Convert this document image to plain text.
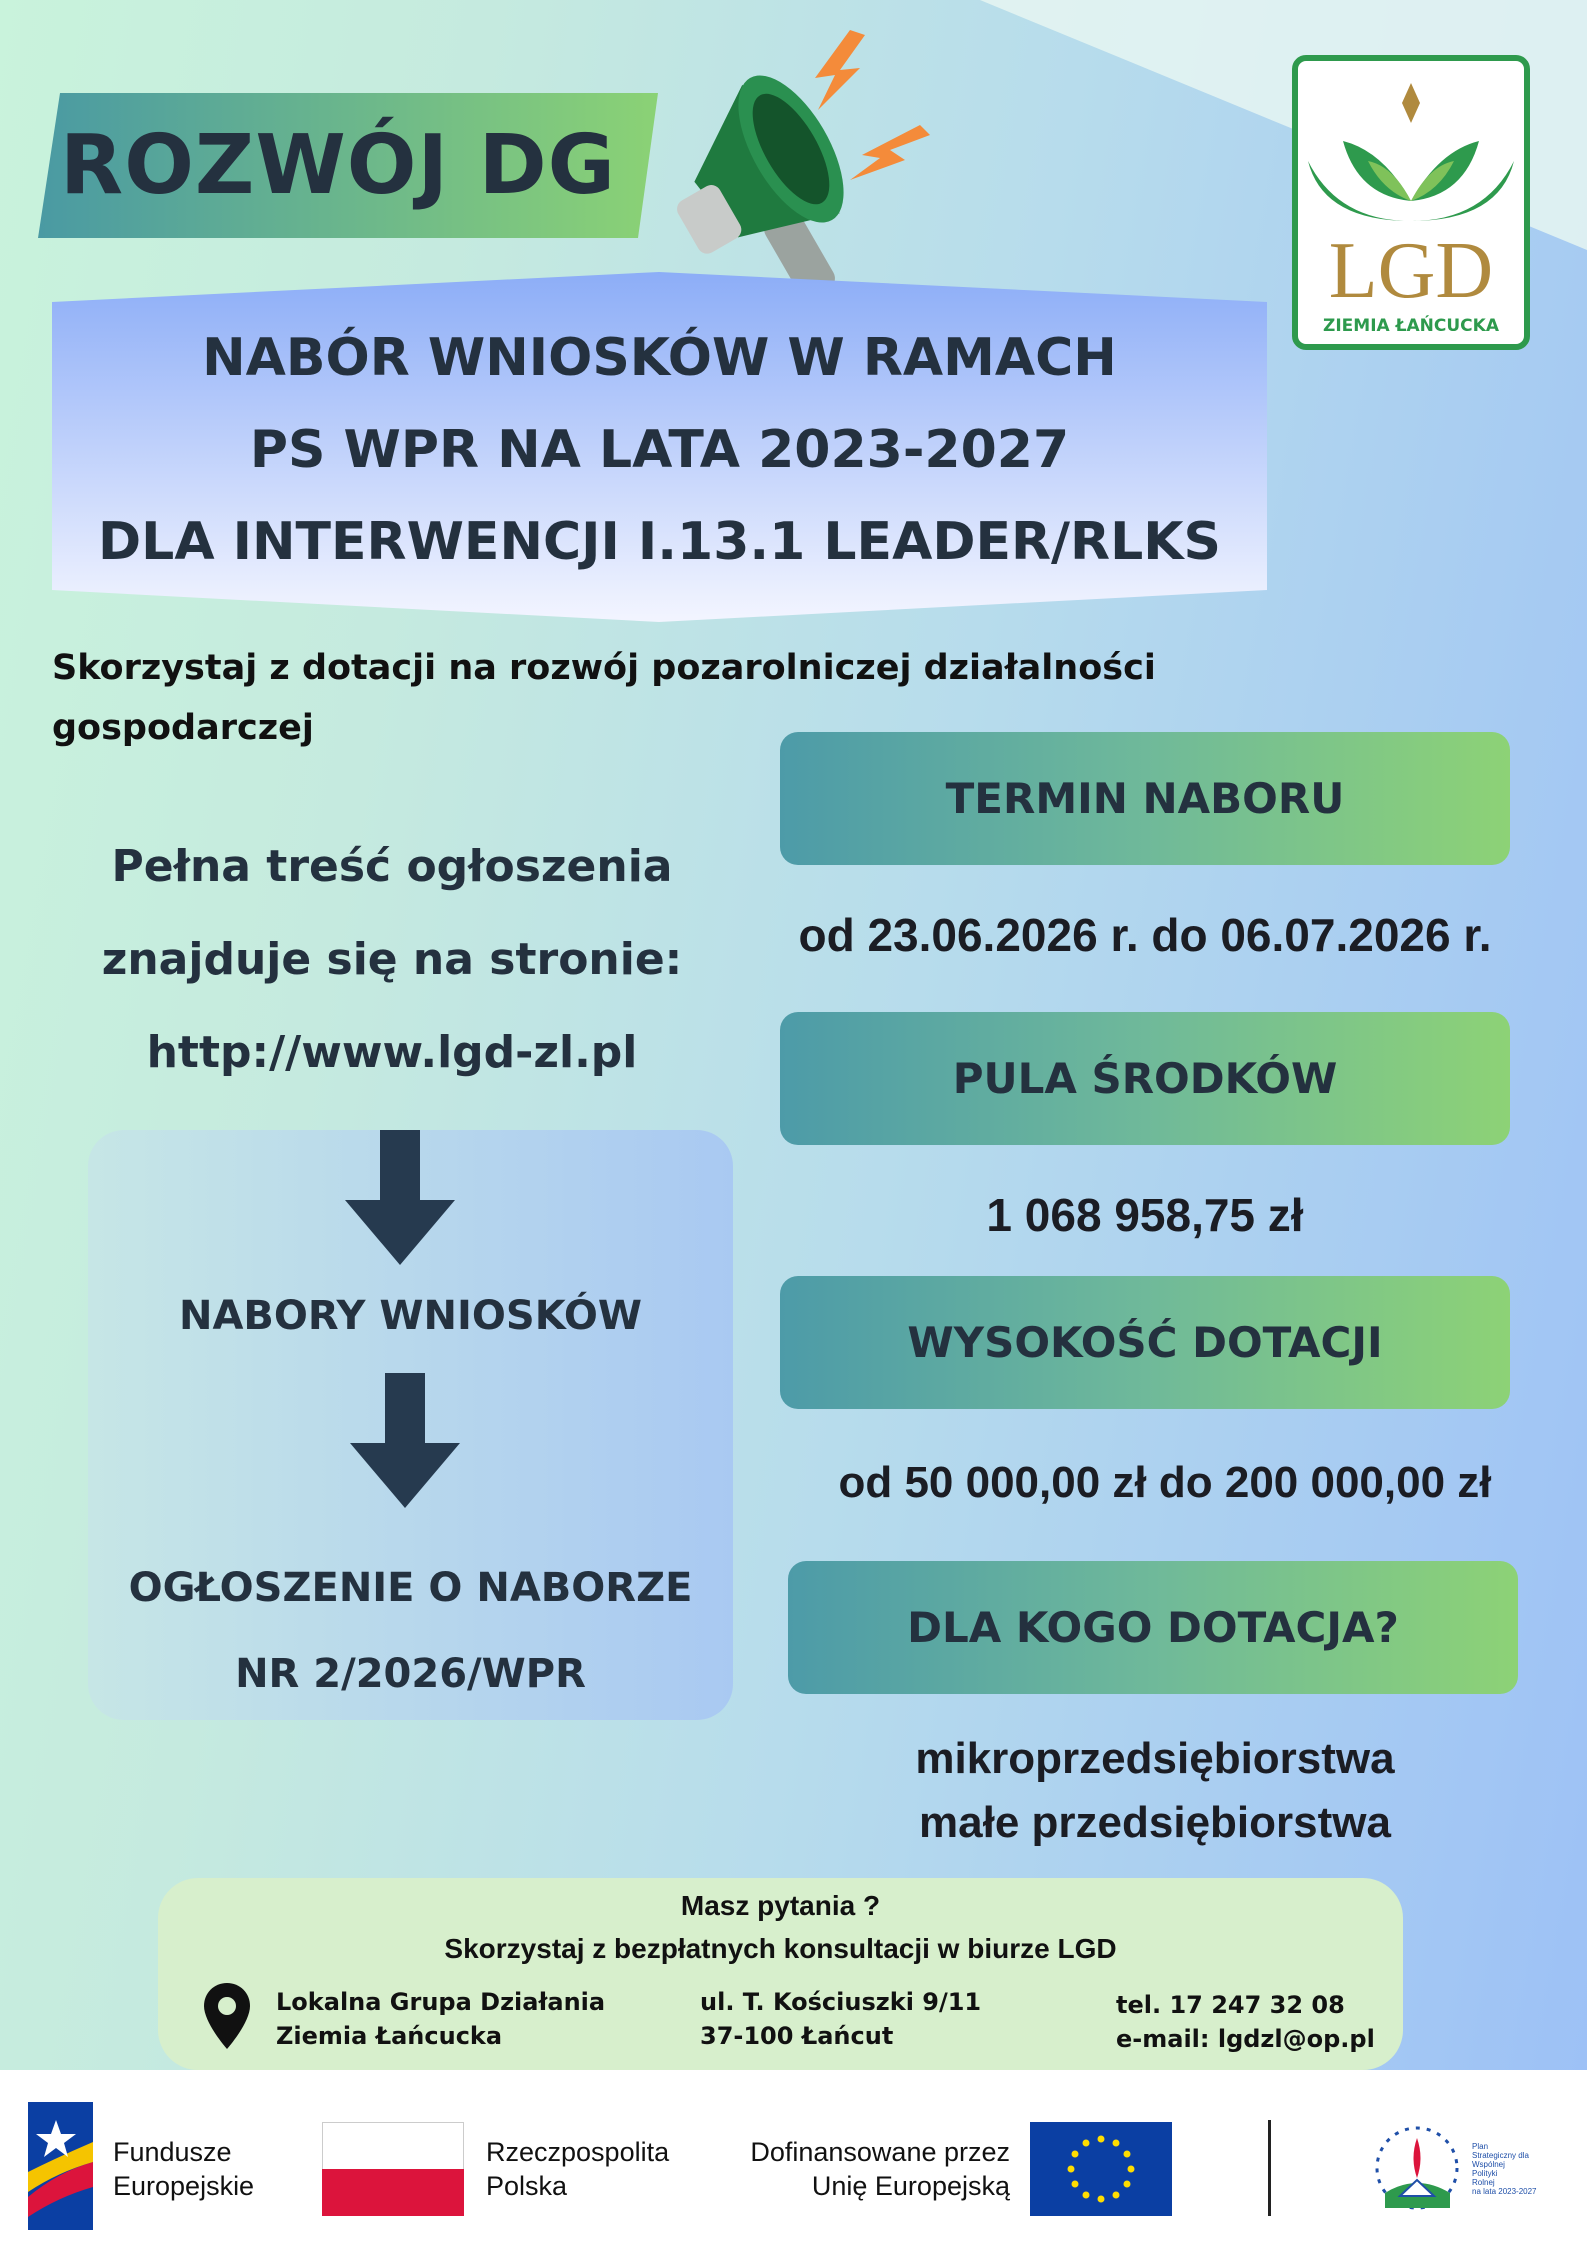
ROZWÓJ DG
LGD
ZIEMIA ŁAŃCUCKA
NABÓR WNIOSKÓW W RAMACH
PS WPR NA LATA 2023-2027
DLA INTERWENCJI I.13.1 LEADER/RLKS
Skorzystaj z dotacji na rozwój pozarolniczej działalności gospodarczej
Pełna treść ogłoszenia
znajduje się na stronie:
http://www.lgd-zl.pl
NABORY WNIOSKÓW
OGŁOSZENIE O NABORZE
NR 2/2026/WPR
TERMIN NABORU
od 23.06.2026 r. do 06.07.2026 r.
PULA ŚRODKÓW
1 068 958,75 zł
WYSOKOŚĆ DOTACJI
od 50 000,00 zł do 200 000,00 zł
DLA KOGO DOTACJA?
mikroprzedsiębiorstwa
małe przedsiębiorstwa
Masz pytania ?
Skorzystaj z bezpłatnych konsultacji w biurze LGD
Lokalna Grupa Działania
Ziemia Łańcucka
ul. T. Kościuszki 9/11
37-100 Łańcut
tel. 17 247 32 08
e-mail: lgdzl@op.pl
Fundusze
Europejskie
Rzeczpospolita
Polska
Dofinansowane przez
Unię Europejską
Plan
Strategiczny dla
Wspólnej
Polityki
Rolnej
na lata 2023-2027
